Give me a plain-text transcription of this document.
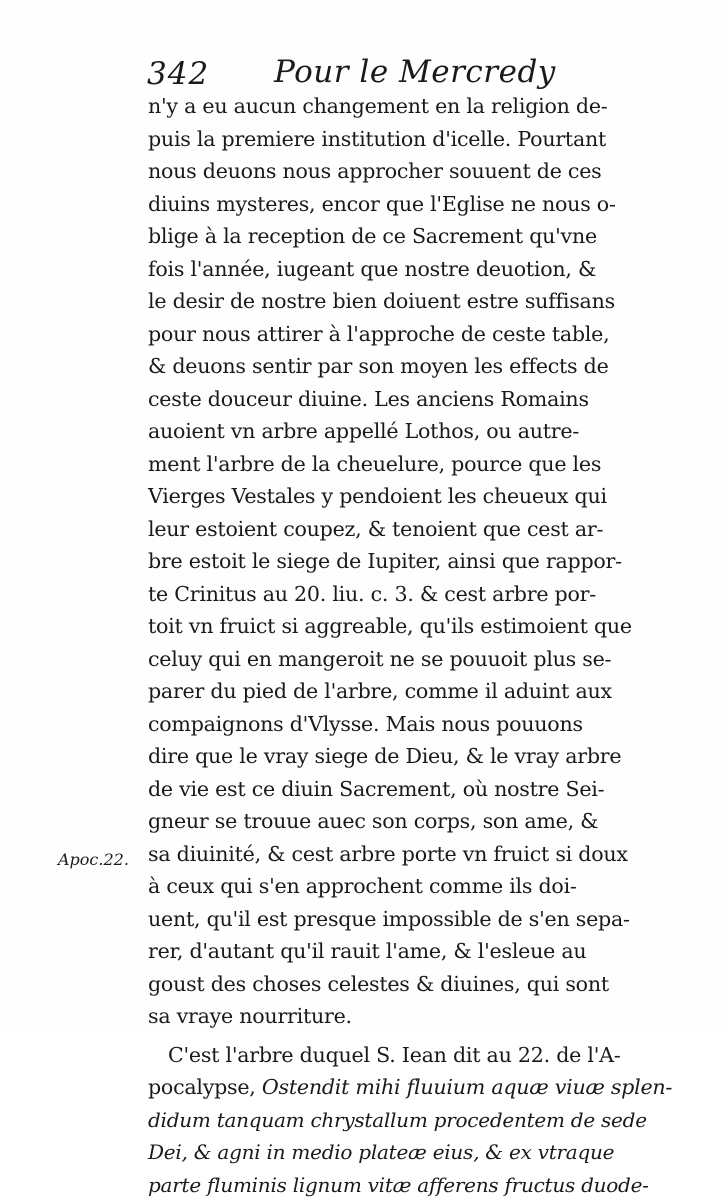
342 Pour le Mercredy
n'y a eu aucun changement en la religion de-
puis la premiere institution d'icelle. Pourtant
nous deuons nous approcher souuent de ces
diuins mysteres, encor que l'Eglise ne nous o-
blige à la reception de ce Sacrement qu'vne
fois l'année, iugeant que nostre deuotion, &
le desir de nostre bien doiuent estre suffisans
pour nous attirer à l'approche de ceste table,
& deuons sentir par son moyen les effects de
ceste douceur diuine. Les anciens Romains
auoient vn arbre appellé Lothos, ou autre-
ment l'arbre de la cheuelure, pource que les
Vierges Vestales y pendoient les cheueux qui
leur estoient coupez, & tenoient que cest ar-
bre estoit le siege de Iupiter, ainsi que rappor-
te Crinitus au 20. liu. c. 3. & cest arbre por-
toit vn fruict si aggreable, qu'ils estimoient que
celuy qui en mangeroit ne se pouuoit plus se-
parer du pied de l'arbre, comme il aduint aux
compaignons d'Vlysse. Mais nous pouuons
dire que le vray siege de Dieu, & le vray arbre
de vie est ce diuin Sacrement, où nostre Sei-
gneur se trouue auec son corps, son ame, &
sa diuinité, & cest arbre porte vn fruict si doux
à ceux qui s'en approchent comme ils doi-
uent, qu'il est presque impossible de s'en sepa-
rer, d'autant qu'il rauit l'ame, & l'esleue au
goust des choses celestes & diuines, qui sont
sa vraye nourriture.
C'est l'arbre duquel S. Iean dit au 22. de l'A-
pocalypse, Ostendit mihi fluuium aquæ viuæ splen-
didum tanquam chrystallum procedentem de sede
Dei, & agni in medio plateæ eius, & ex vtraque
parte fluminis lignum vitæ afferens fructus duode-
Apoc.22.
